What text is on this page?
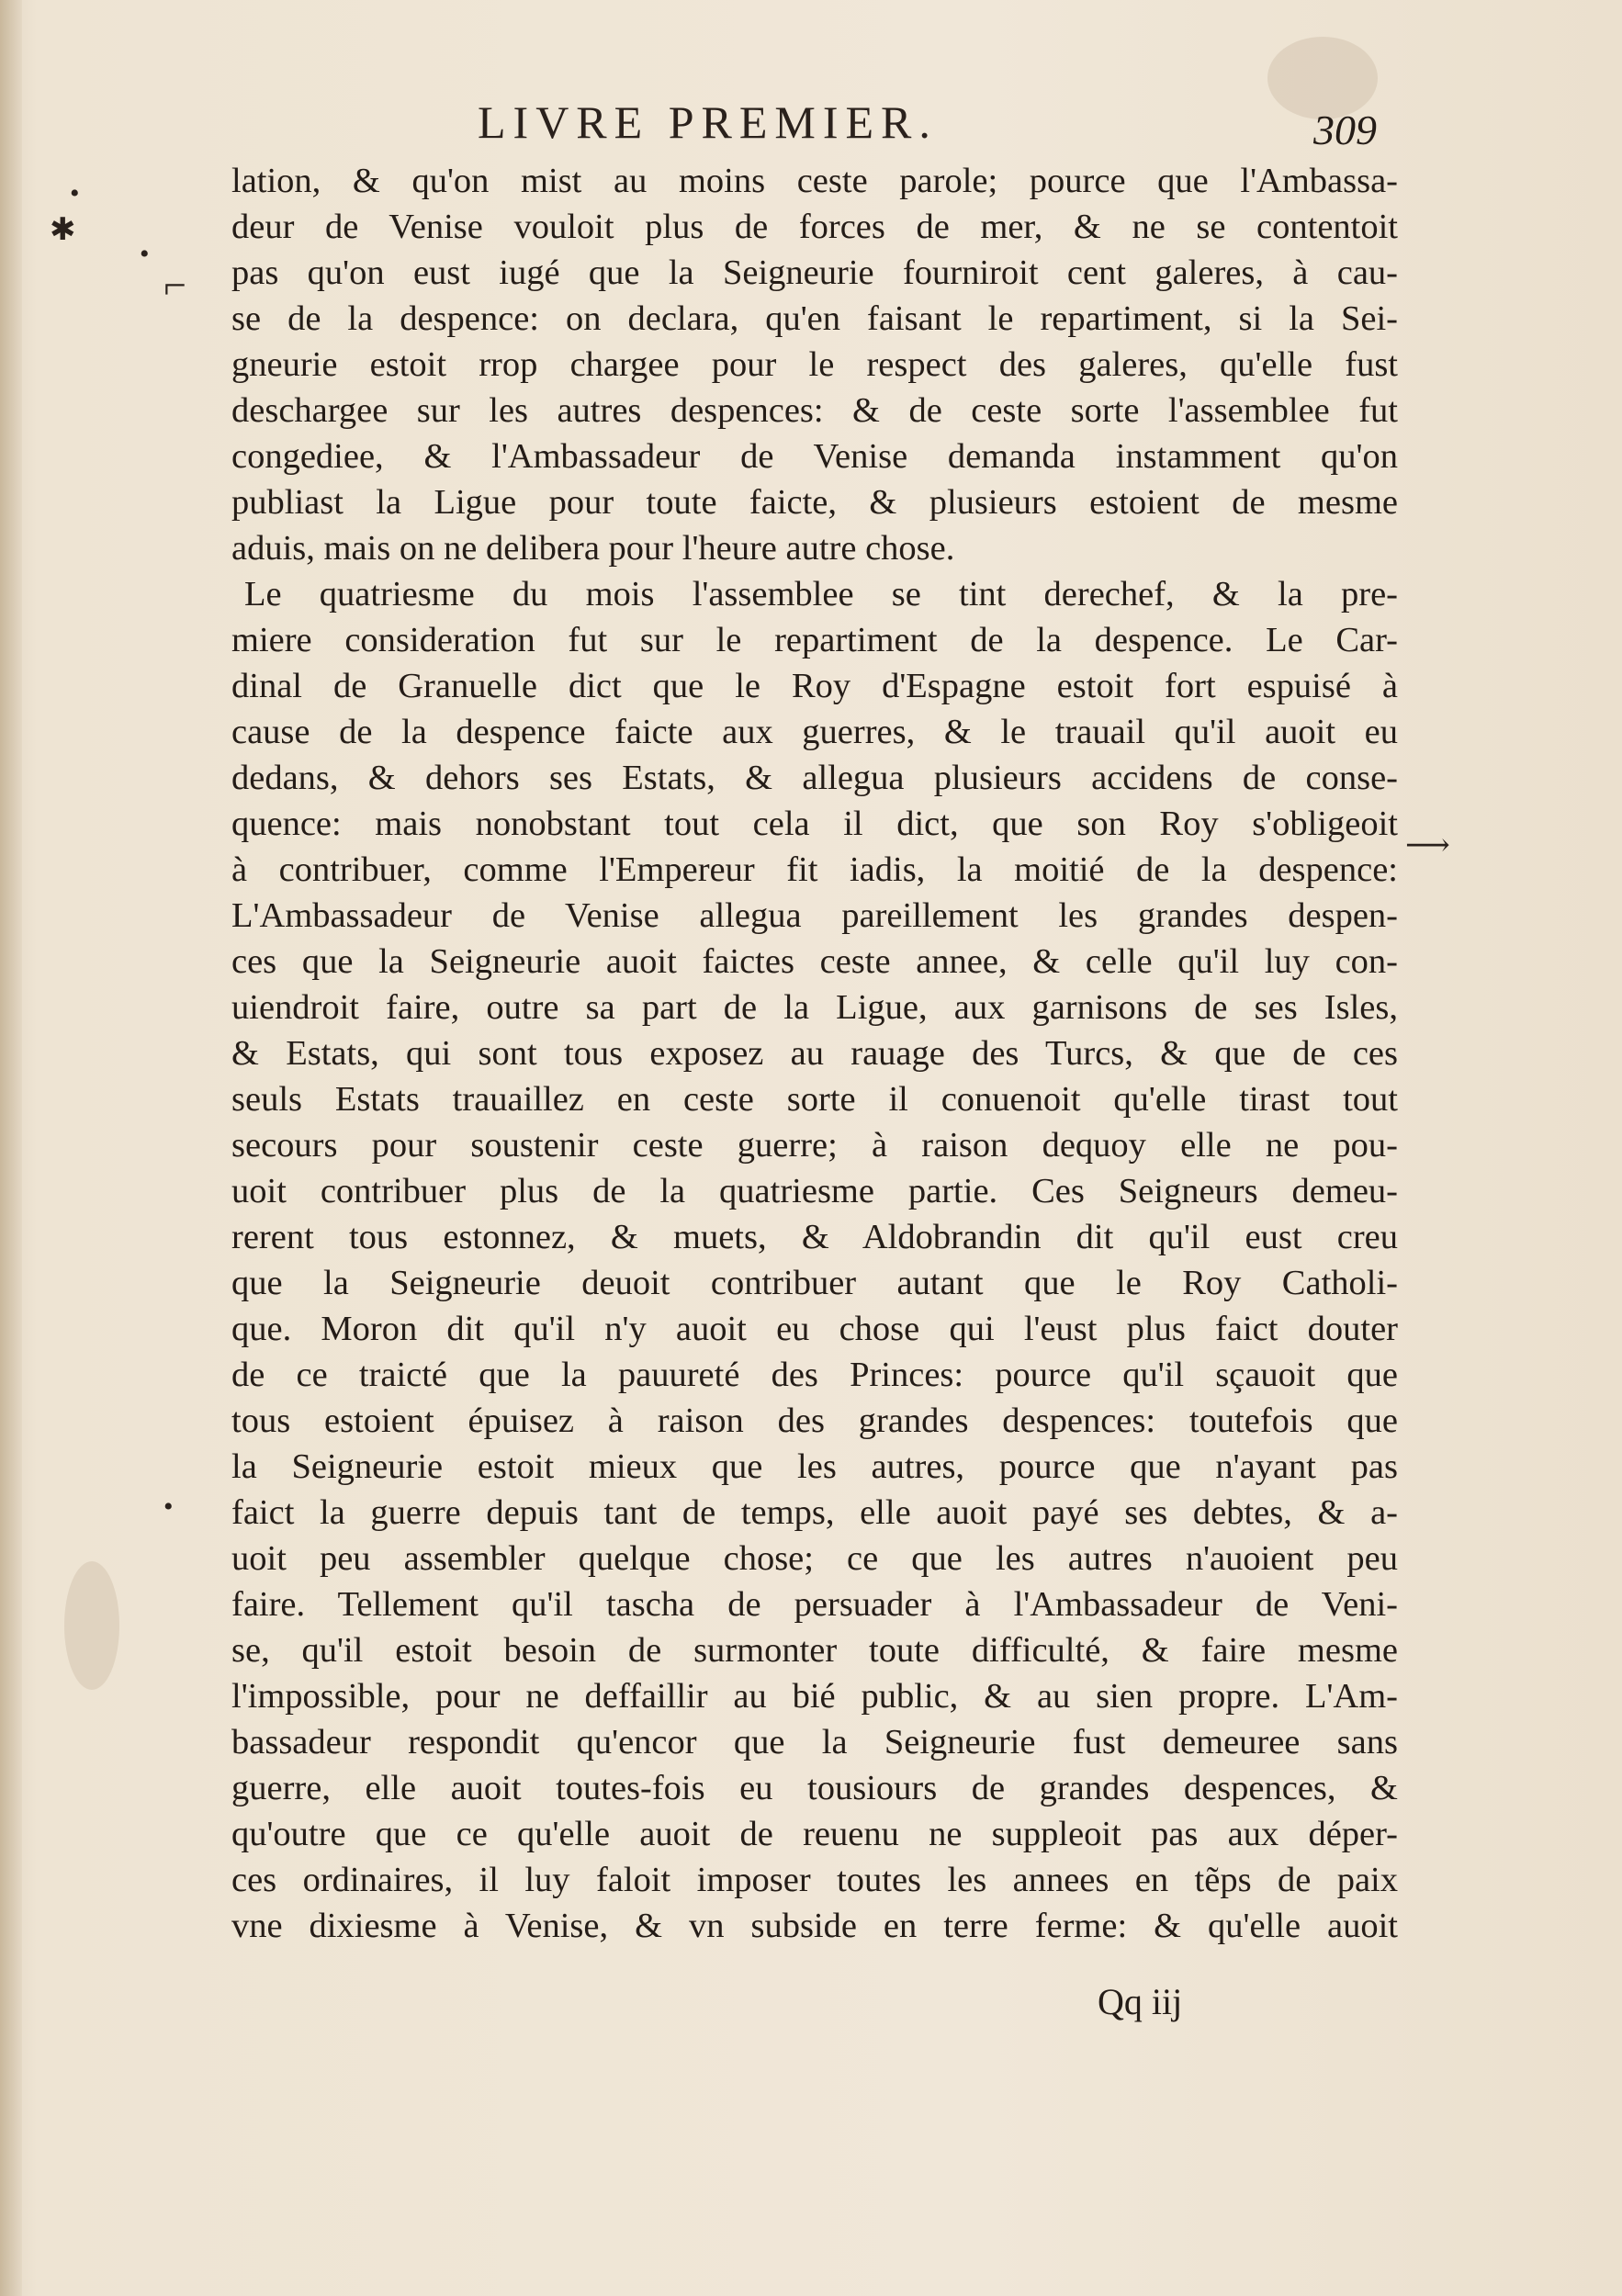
LIVRE PREMIER.	309
•
✱
•
⌐
•
⟶
lation, & qu'on mist au moins ceste parole; pource que l'Ambassa-
deur de Venise vouloit plus de forces de mer, & ne se contentoit
pas qu'on eust iugé que la Seigneurie fourniroit cent galeres, à cau-
se de la despence: on declara, qu'en faisant le repartiment, si la Sei-
gneurie estoit rrop chargee pour le respect des galeres, qu'elle fust
deschargee sur les autres despences: & de ceste sorte l'assemblee fut
congediee, & l'Ambassadeur de Venise demanda instamment qu'on
publiast la Ligue pour toute faicte, & plusieurs estoient de mesme
aduis, mais on ne delibera pour l'heure autre chose.
Le quatriesme du mois l'assemblee se tint derechef, & la pre-
miere consideration fut sur le repartiment de la despence. Le Car-
dinal de Granuelle dict que le Roy d'Espagne estoit fort espuisé à
cause de la despence faicte aux guerres, & le trauail qu'il auoit eu
dedans, & dehors ses Estats, & allegua plusieurs accidens de conse-
quence: mais nonobstant tout cela il dict, que son Roy s'obligeoit
à contribuer, comme l'Empereur fit iadis, la moitié de la despence:
L'Ambassadeur de Venise allegua pareillement les grandes despen-
ces que la Seigneurie auoit faictes ceste annee, & celle qu'il luy con-
uiendroit faire, outre sa part de la Ligue, aux garnisons de ses Isles,
& Estats, qui sont tous exposez au rauage des Turcs, & que de ces
seuls Estats trauaillez en ceste sorte il conuenoit qu'elle tirast tout
secours pour soustenir ceste guerre; à raison dequoy elle ne pou-
uoit contribuer plus de la quatriesme partie. Ces Seigneurs demeu-
rerent tous estonnez, & muets, & Aldobrandin dit qu'il eust creu
que la Seigneurie deuoit contribuer autant que le Roy Catholi-
que. Moron dit qu'il n'y auoit eu chose qui l'eust plus faict douter
de ce traicté que la pauureté des Princes: pource qu'il sçauoit que
tous estoient épuisez à raison des grandes despences: toutefois que
la Seigneurie estoit mieux que les autres, pource que n'ayant pas
faict la guerre depuis tant de temps, elle auoit payé ses debtes, & a-
uoit peu assembler quelque chose; ce que les autres n'auoient peu
faire. Tellement qu'il tascha de persuader à l'Ambassadeur de Veni-
se, qu'il estoit besoin de surmonter toute difficulté, & faire mesme
l'impossible, pour ne deffaillir au bié public, & au sien propre. L'Am-
bassadeur respondit qu'encor que la Seigneurie fust demeuree sans
guerre, elle auoit toutes-fois eu tousiours de grandes despences, &
qu'outre que ce qu'elle auoit de reuenu ne suppleoit pas aux déper-
ces ordinaires, il luy faloit imposer toutes les annees en tẽps de paix
vne dixiesme à Venise, & vn subside en terre ferme: & qu'elle auoit
Qq iij
